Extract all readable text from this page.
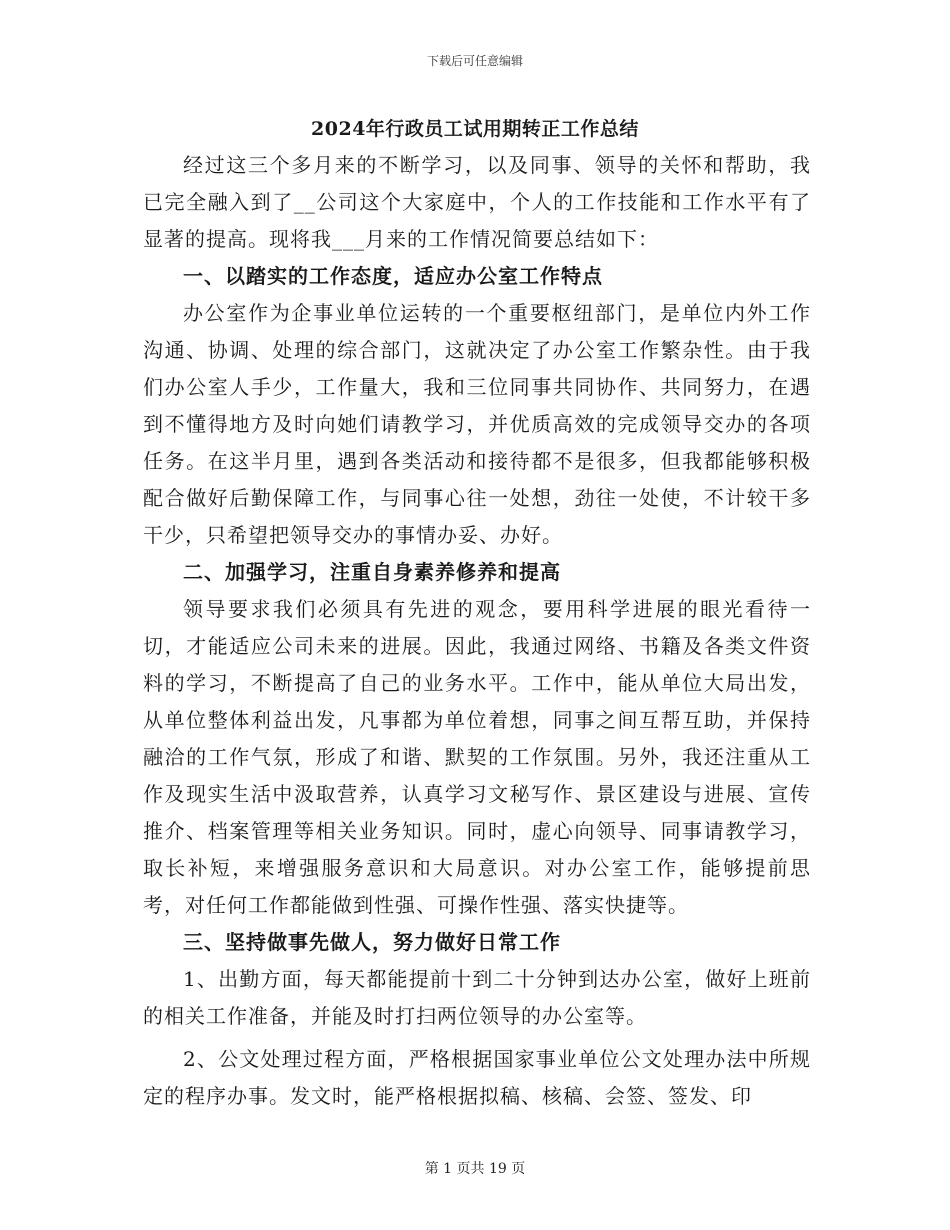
下载后可任意编辑
2024年行政员工试用期转正工作总结

经过这三个多月来的不断学习，以及同事、领导的关怀和帮助，我已完全融入到了__公司这个大家庭中，个人的工作技能和工作水平有了显著的提高。现将我___月来的工作情况简要总结如下：

一、以踏实的工作态度，适应办公室工作特点

办公室作为企事业单位运转的一个重要枢纽部门，是单位内外工作沟通、协调、处理的综合部门，这就决定了办公室工作繁杂性。由于我们办公室人手少，工作量大，我和三位同事共同协作、共同努力，在遇到不懂得地方及时向她们请教学习，并优质高效的完成领导交办的各项任务。在这半月里，遇到各类活动和接待都不是很多，但我都能够积极配合做好后勤保障工作，与同事心往一处想，劲往一处使，不计较干多干少，只希望把领导交办的事情办妥、办好。

二、加强学习，注重自身素养修养和提高

领导要求我们必须具有先进的观念，要用科学进展的眼光看待一切，才能适应公司未来的进展。因此，我通过网络、书籍及各类文件资料的学习，不断提高了自己的业务水平。工作中，能从单位大局出发，从单位整体利益出发，凡事都为单位着想，同事之间互帮互助，并保持融洽的工作气氛，形成了和谐、默契的工作氛围。另外，我还注重从工作及现实生活中汲取营养，认真学习文秘写作、景区建设与进展、宣传推介、档案管理等相关业务知识。同时，虚心向领导、同事请教学习，取长补短，来增强服务意识和大局意识。对办公室工作，能够提前思考，对任何工作都能做到性强、可操作性强、落实快捷等。

三、坚持做事先做人，努力做好日常工作

1、出勤方面，每天都能提前十到二十分钟到达办公室，做好上班前的相关工作准备，并能及时打扫两位领导的办公室等。

2、公文处理过程方面，严格根据国家事业单位公文处理办法中所规定的程序办事。发文时，能严格根据拟稿、核稿、会签、签发、印

第 1 页共 19 页
